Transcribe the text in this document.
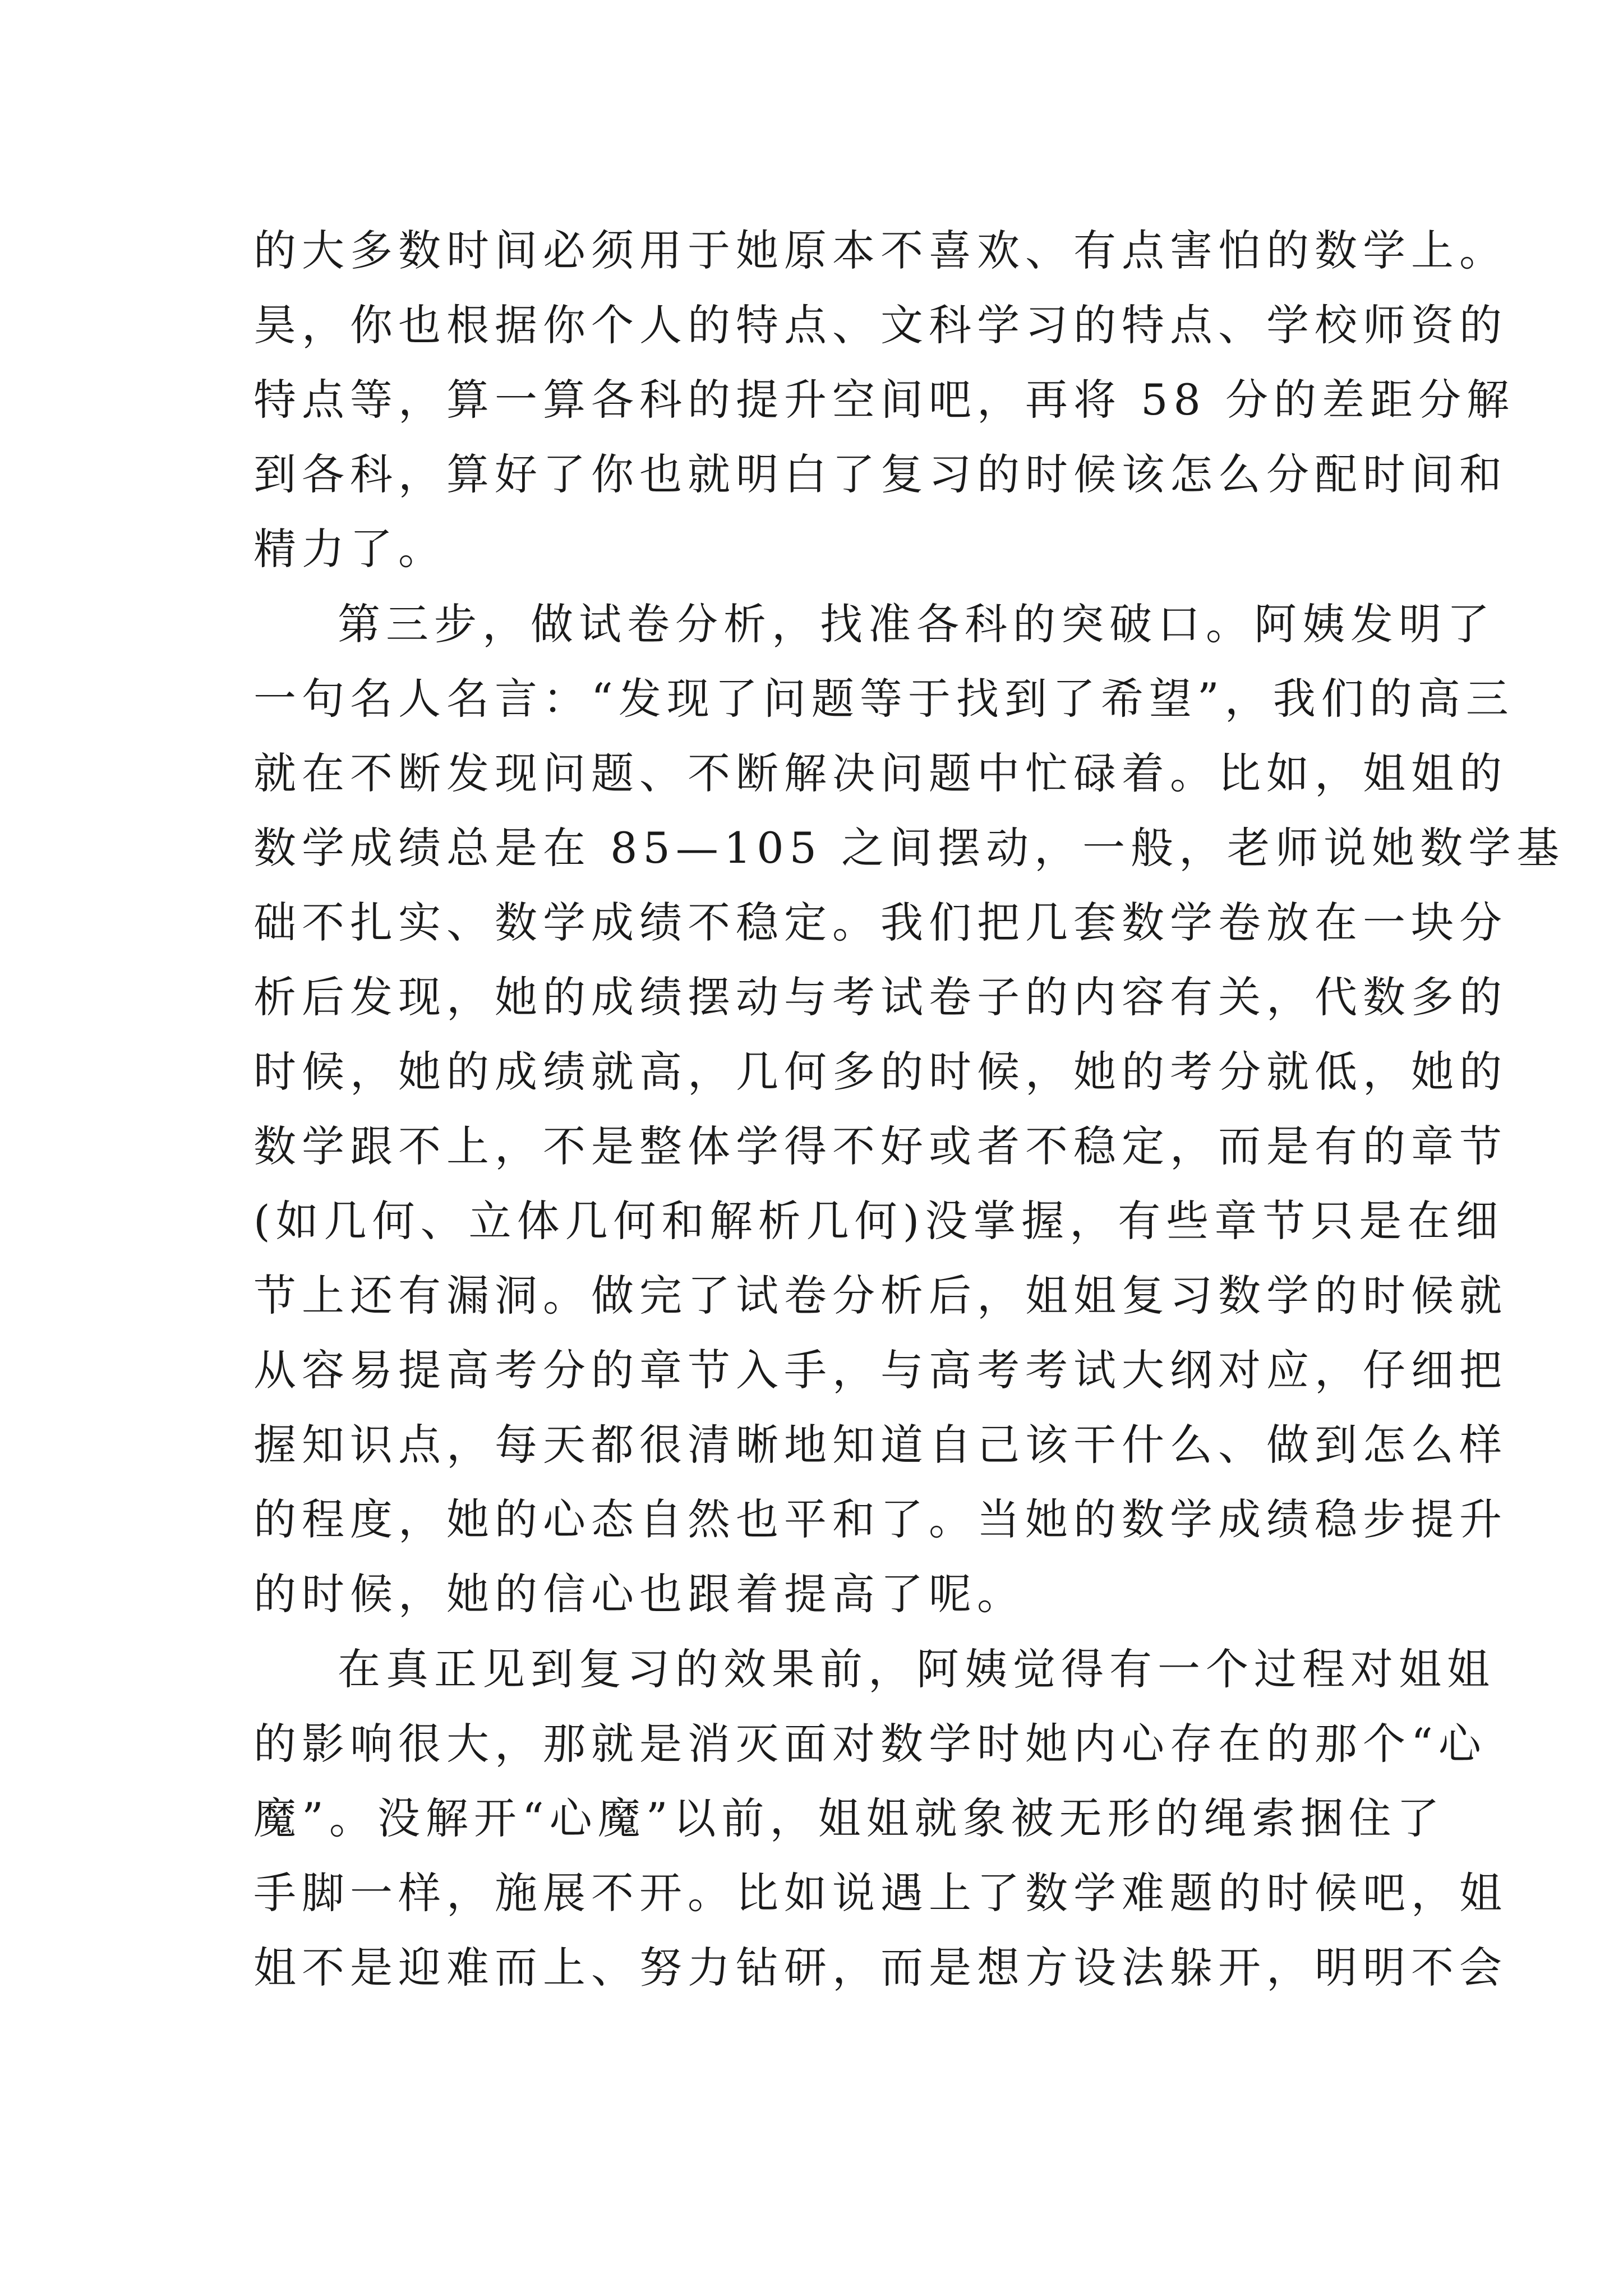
的大多数时间必须用于她原本不喜欢、有点害怕的数学上。
昊，你也根据你个人的特点、文科学习的特点、学校师资的
特点等，算一算各科的提升空间吧，再将 58 分的差距分解
到各科，算好了你也就明白了复习的时候该怎么分配时间和
精力了。
第三步，做试卷分析，找准各科的突破口。阿姨发明了
一句名人名言：“发现了问题等于找到了希望”，我们的高三
就在不断发现问题、不断解决问题中忙碌着。比如，姐姐的
数学成绩总是在 85—105 之间摆动，一般，老师说她数学基
础不扎实、数学成绩不稳定。我们把几套数学卷放在一块分
析后发现，她的成绩摆动与考试卷子的内容有关，代数多的
时候，她的成绩就高，几何多的时候，她的考分就低，她的
数学跟不上，不是整体学得不好或者不稳定，而是有的章节
(如几何、立体几何和解析几何)没掌握，有些章节只是在细
节上还有漏洞。做完了试卷分析后，姐姐复习数学的时候就
从容易提高考分的章节入手，与高考考试大纲对应，仔细把
握知识点，每天都很清晰地知道自己该干什么、做到怎么样
的程度，她的心态自然也平和了。当她的数学成绩稳步提升
的时候，她的信心也跟着提高了呢。
在真正见到复习的效果前，阿姨觉得有一个过程对姐姐
的影响很大，那就是消灭面对数学时她内心存在的那个“心
魔”。没解开“心魔”以前，姐姐就象被无形的绳索捆住了
手脚一样，施展不开。比如说遇上了数学难题的时候吧，姐
姐不是迎难而上、努力钻研，而是想方设法躲开，明明不会
